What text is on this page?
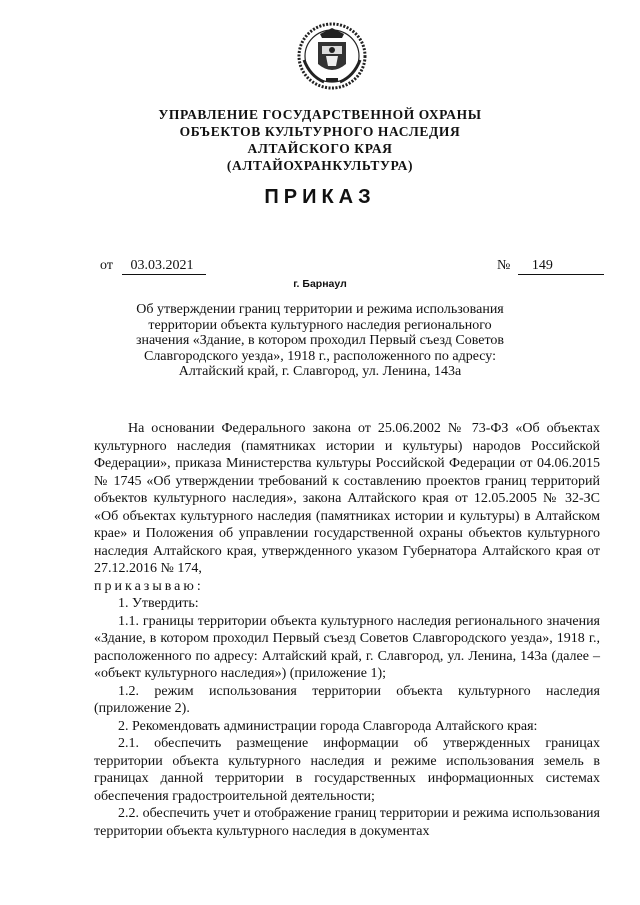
УПРАВЛЕНИЕ ГОСУДАРСТВЕННОЙ ОХРАНЫ
ОБЪЕКТОВ КУЛЬТУРНОГО НАСЛЕДИЯ
АЛТАЙСКОГО КРАЯ
(АЛТАЙОХРАНКУЛЬТУРА)
ПРИКАЗ
от 03.03.2021	№ 149
г. Барнаул
Об утверждении границ территории и режима использования
территории объекта культурного наследия регионального
значения «Здание, в котором проходил Первый съезд Советов
Славгородского уезда», 1918 г., расположенного по адресу:
Алтайский край, г. Славгород, ул. Ленина, 143а

На основании Федерального закона от 25.06.2002 № 73-ФЗ «Об объектах культурного наследия (памятниках истории и культуры) народов Российской Федерации», приказа Министерства культуры Российской Федерации от 04.06.2015 № 1745 «Об утверждении требований к составлению проектов границ территорий объектов культурного наследия», закона Алтайского края от 12.05.2005 № 32-ЗС «Об объектах культурного наследия (памятниках истории и культуры) в Алтайском крае» и Положения об управлении государственной охраны объектов культурного наследия Алтайского края, утвержденного указом Губернатора Алтайского края от 27.12.2016 № 174,

приказываю:

1. Утвердить:

1.1. границы территории объекта культурного наследия регионального значения «Здание, в котором проходил Первый съезд Советов Славгородского уезда», 1918 г., расположенного по адресу: Алтайский край, г. Славгород, ул. Ленина, 143а (далее – «объект культурного наследия») (приложение 1);

1.2. режим использования территории объекта культурного наследия (приложение 2).

2. Рекомендовать администрации города Славгорода Алтайского края:

2.1. обеспечить размещение информации об утвержденных границах территории объекта культурного наследия и режиме использования земель в границах данной территории в государственных информационных системах обеспечения градостроительной деятельности;

2.2. обеспечить учет и отображение границ территории и режима использования территории объекта культурного наследия в документах
